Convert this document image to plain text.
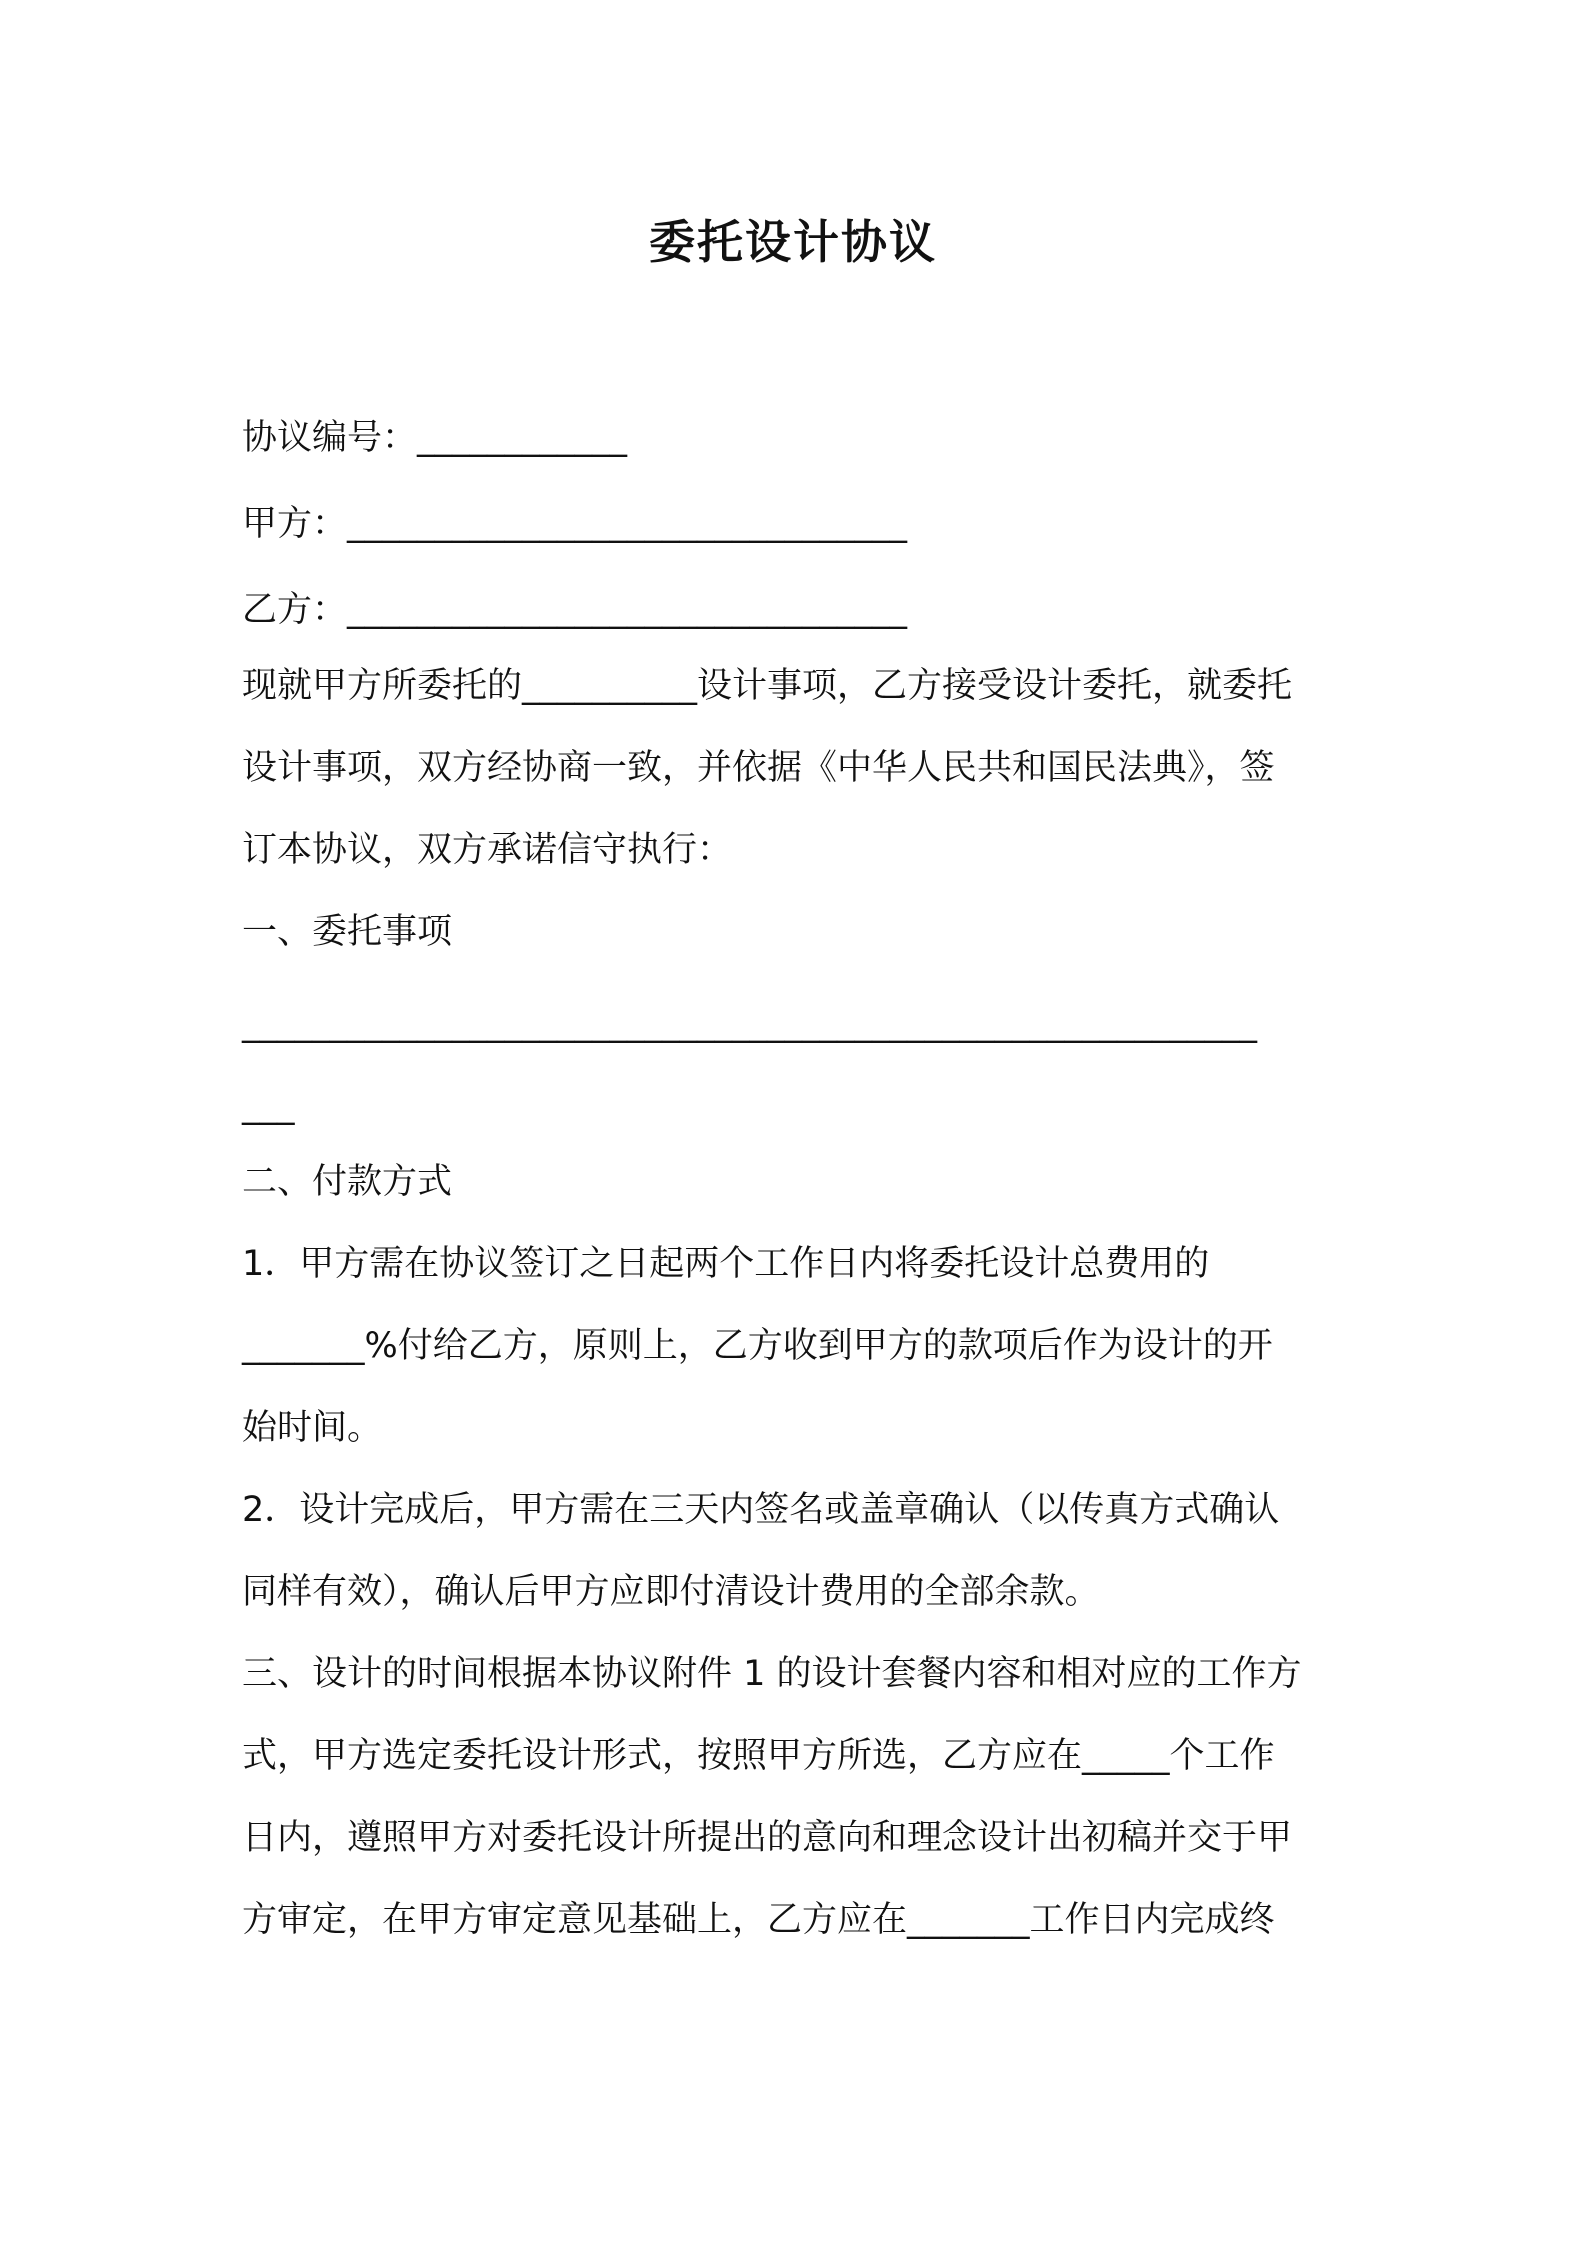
委托设计协议
协议编号：____________
甲方：________________________________
乙方：________________________________
现就甲方所委托的__________设计事项，乙方接受设计委托，就委托
设计事项，双方经协商一致，并依据《中华人民共和国民法典》，签
订本协议，双方承诺信守执行：
一、委托事项
__________________________________________________________
___
二、付款方式
1．甲方需在协议签订之日起两个工作日内将委托设计总费用的
_______%付给乙方，原则上，乙方收到甲方的款项后作为设计的开
始时间。
2．设计完成后，甲方需在三天内签名或盖章确认（以传真方式确认
同样有效），确认后甲方应即付清设计费用的全部余款。
三、设计的时间根据本协议附件 1 的设计套餐内容和相对应的工作方
式，甲方选定委托设计形式，按照甲方所选，乙方应在_____个工作
日内，遵照甲方对委托设计所提出的意向和理念设计出初稿并交于甲
方审定，在甲方审定意见基础上，乙方应在_______工作日内完成终
